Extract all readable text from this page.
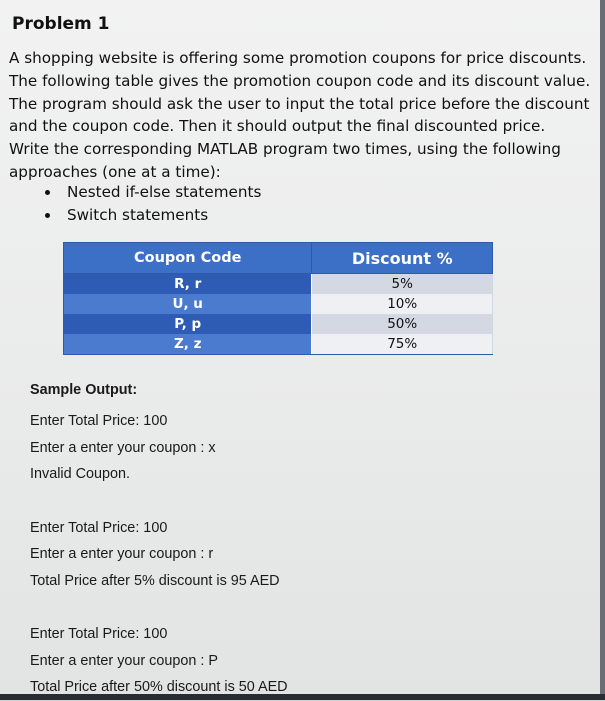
Problem 1
A shopping website is offering some promotion coupons for price discounts.
The following table gives the promotion coupon code and its discount value.
The program should ask the user to input the total price before the discount
and the coupon code. Then it should output the final discounted price.
Write the corresponding MATLAB program two times, using the following
approaches (one at a time):
Nested if-else statements
Switch statements
Coupon Code	Discount %
R, r	5%
U, u	10%
P, p	50%
Z, z	75%
Sample Output:
Enter Total Price: 100
Enter a enter your coupon : x
Invalid Coupon.
Enter Total Price: 100
Enter a enter your coupon : r
Total Price after 5% discount is 95 AED
Enter Total Price: 100
Enter a enter your coupon : P
Total Price after 50% discount is 50 AED
